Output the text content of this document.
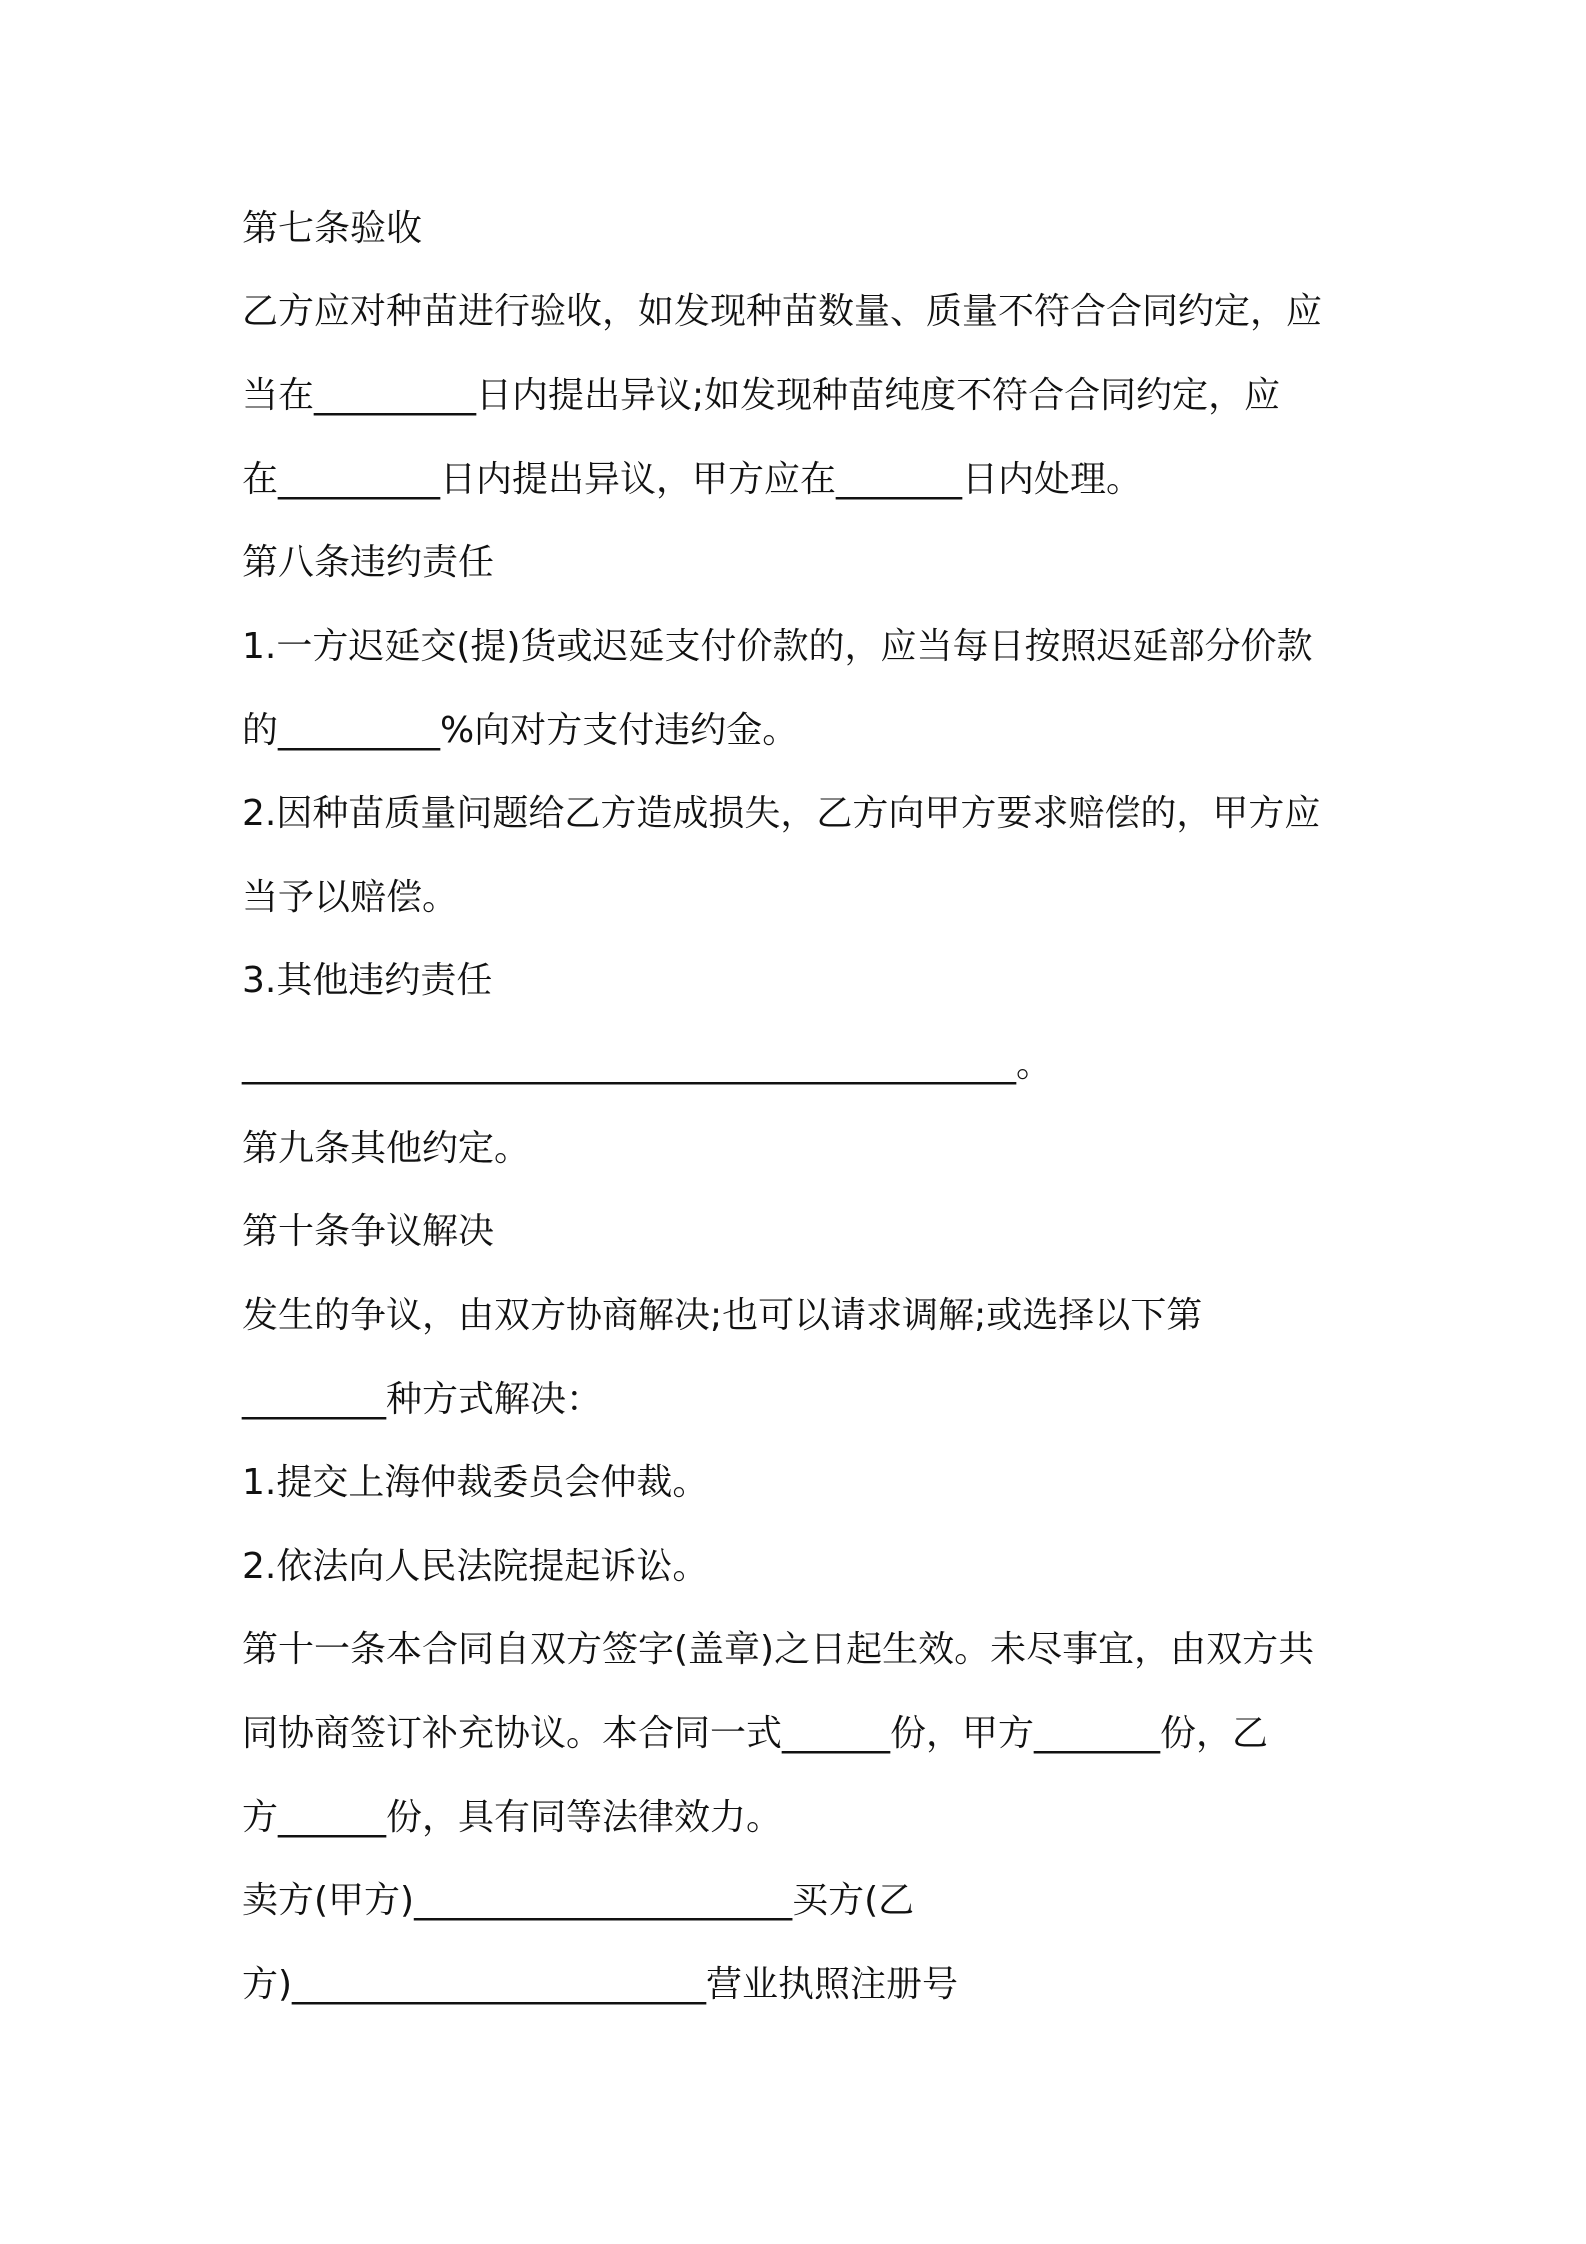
第七条验收
乙方应对种苗进行验收，如发现种苗数量、质量不符合合同约定，应
当在_________日内提出异议;如发现种苗纯度不符合合同约定，应
在_________日内提出异议，甲方应在_______日内处理。
第八条违约责任
1.一方迟延交(提)货或迟延支付价款的，应当每日按照迟延部分价款
的_________%向对方支付违约金。
2.因种苗质量问题给乙方造成损失，乙方向甲方要求赔偿的，甲方应
当予以赔偿。
3.其他违约责任
___________________________________________。
第九条其他约定。
第十条争议解决
发生的争议，由双方协商解决;也可以请求调解;或选择以下第
________种方式解决：
1.提交上海仲裁委员会仲裁。
2.依法向人民法院提起诉讼。
第十一条本合同自双方签字(盖章)之日起生效。未尽事宜，由双方共
同协商签订补充协议。本合同一式______份，甲方_______份，乙
方______份，具有同等法律效力。
卖方(甲方)_____________________买方(乙
方)_______________________营业执照注册号
